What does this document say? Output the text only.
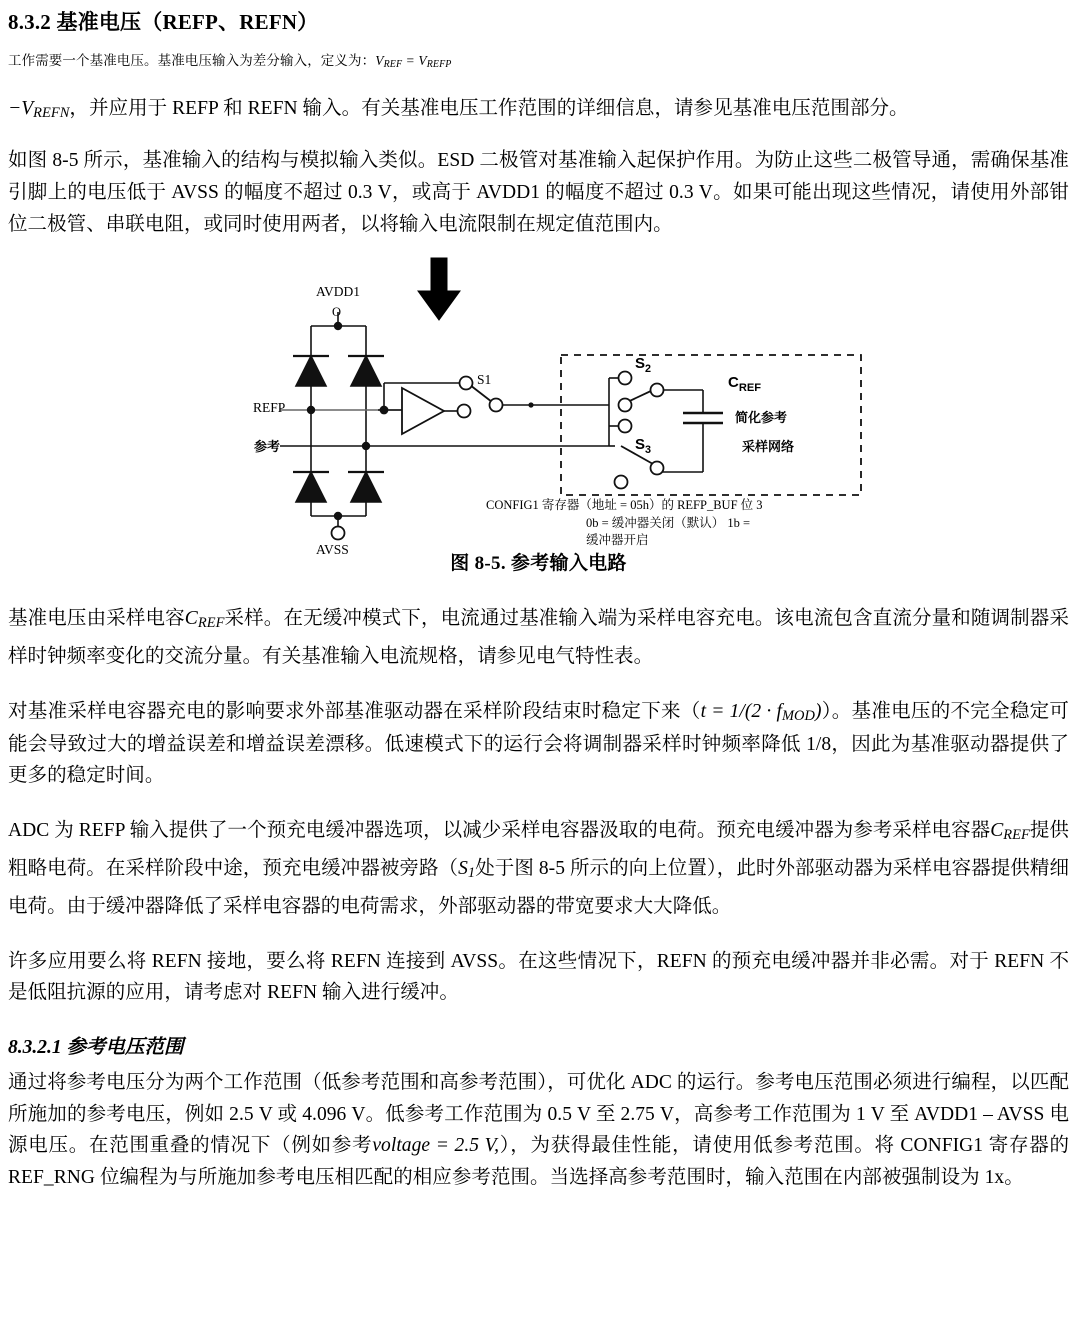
8.3.2 基准电压（REFP、REFN）

工作需要一个基准电压。基准电压输入为差分输入，定义为：VREF = VREFP

−VREFN，并应用于 REFP 和 REFN 输入。有关基准电压工作范围的详细信息，请参见基准电压范围部分。

如图 8-5 所示，基准输入的结构与模拟输入类似。ESD 二极管对基准输入起保护作用。为防止这些二极管导通，需确保基准引脚上的电压低于 AVSS 的幅度不超过 0.3 V，或高于 AVDD1 的幅度不超过 0.3 V。如果可能出现这些情况，请使用外部钳位二极管、串联电阻，或同时使用两者，以将输入电流限制在规定值范围内。

CONFIG1 寄存器（地址 = 05h）的 REFP_BUF 位 3
0b = 缓冲器关闭（默认） 1b =
缓冲器开启
AVDD1
O
AVSS
REFP
参考
S1
$S_2$
$S_3$
$C_{REF}$
简化参考
采样网络
图 8-5. 参考输入电路

基准电压由采样电容CREF采样。在无缓冲模式下，电流通过基准输入端为采样电容充电。该电流包含直流分量和随调制器采样时钟频率变化的交流分量。有关基准输入电流规格，请参见电气特性表。

对基准采样电容器充电的影响要求外部基准驱动器在采样阶段结束时稳定下来（t = 1/(2 · fMOD)）。基准电压的不完全稳定可能会导致过大的增益误差和增益误差漂移。低速模式下的运行会将调制器采样时钟频率降低 1/8，因此为基准驱动器提供了更多的稳定时间。

ADC 为 REFP 输入提供了一个预充电缓冲器选项，以减少采样电容器汲取的电荷。预充电缓冲器为参考采样电容器CREF提供粗略电荷。在采样阶段中途，预充电缓冲器被旁路（S1处于图 8-5 所示的向上位置），此时外部驱动器为采样电容器提供精细电荷。由于缓冲器降低了采样电容器的电荷需求，外部驱动器的带宽要求大大降低。

许多应用要么将 REFN 接地，要么将 REFN 连接到 AVSS。在这些情况下，REFN 的预充电缓冲器并非必需。对于 REFN 不是低阻抗源的应用，请考虑对 REFN 输入进行缓冲。

8.3.2.1 参考电压范围

通过将参考电压分为两个工作范围（低参考范围和高参考范围），可优化 ADC 的运行。参考电压范围必须进行编程，以匹配所施加的参考电压，例如 2.5 V 或 4.096 V。低参考工作范围为 0.5 V 至 2.75 V，高参考工作范围为 1 V 至 AVDD1 – AVSS 电源电压。在范围重叠的情况下（例如参考voltage = 2.5 V,），为获得最佳性能，请使用低参考范围。将 CONFIG1 寄存器的 REF_RNG 位编程为与所施加参考电压相匹配的相应参考范围。当选择高参考范围时，输入范围在内部被强制设为 1x。
